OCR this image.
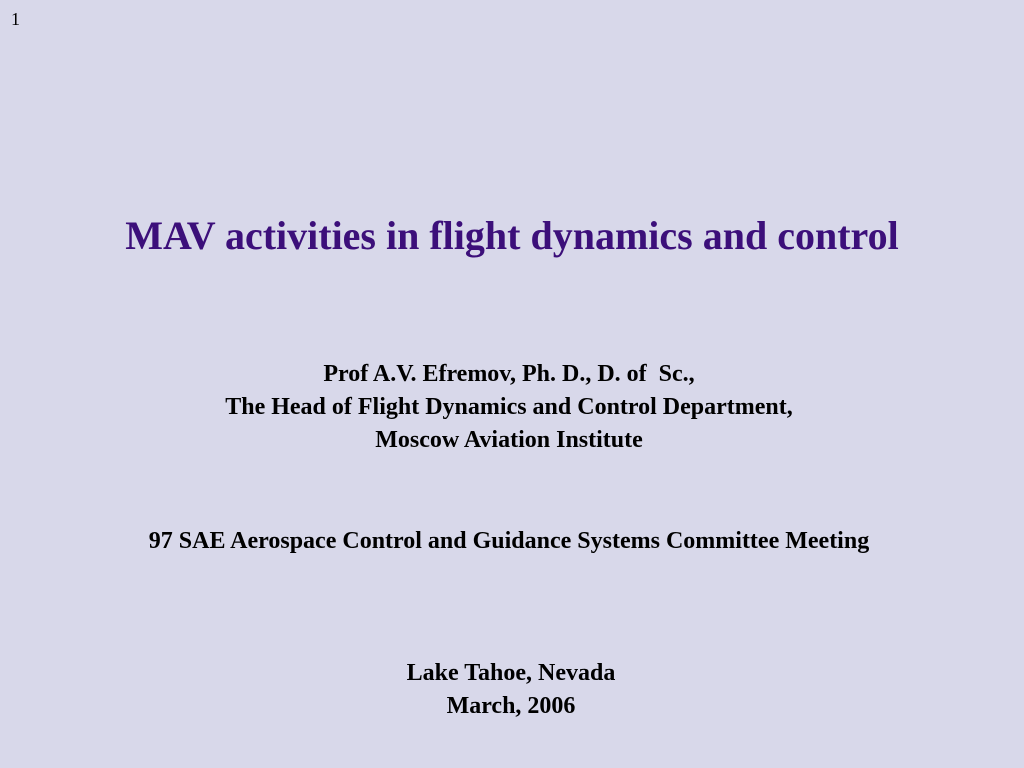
1
MAV activities in flight dynamics and control
Prof A.V. Efremov, Ph. D., D. of  Sc.,
The Head of Flight Dynamics and Control Department,
Moscow Aviation Institute
97 SAE Aerospace Control and Guidance Systems Committee Meeting
Lake Tahoe, Nevada
March, 2006
